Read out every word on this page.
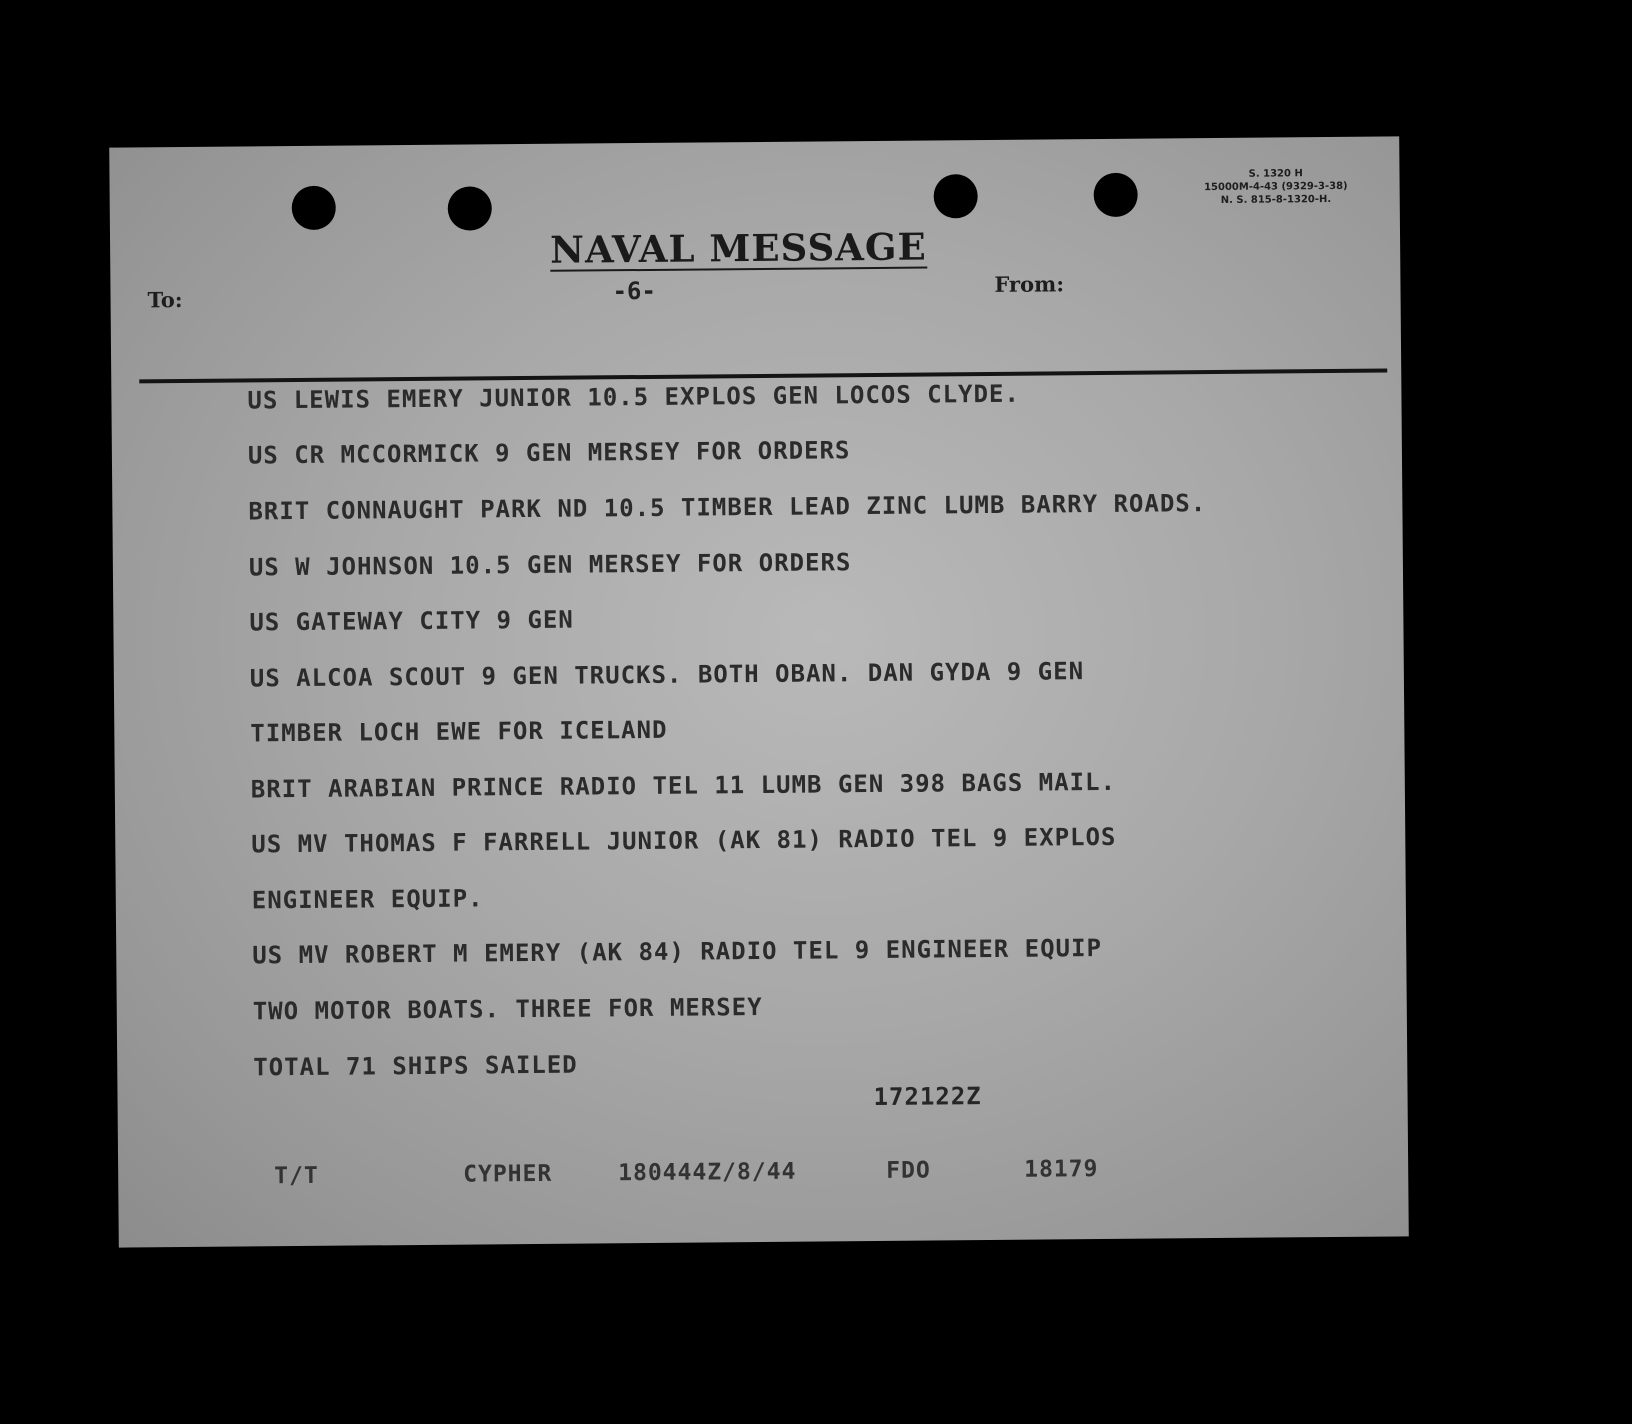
S. 1320 H
15000M-4-43 (9329-3-38)
N. S. 815-8-1320-H.
NAVAL MESSAGE
-6-
To:
From:
US LEWIS EMERY JUNIOR 10.5 EXPLOS GEN LOCOS CLYDE.
US CR MCCORMICK 9 GEN MERSEY FOR ORDERS
BRIT CONNAUGHT PARK ND 10.5 TIMBER LEAD ZINC LUMB BARRY ROADS.
US W JOHNSON 10.5 GEN MERSEY FOR ORDERS
US GATEWAY CITY 9 GEN
US ALCOA SCOUT 9 GEN TRUCKS. BOTH OBAN. DAN GYDA 9 GEN
TIMBER LOCH EWE FOR ICELAND
BRIT ARABIAN PRINCE RADIO TEL 11 LUMB GEN 398 BAGS MAIL.
US MV THOMAS F FARRELL JUNIOR (AK 81) RADIO TEL 9 EXPLOS
ENGINEER EQUIP.
US MV ROBERT M EMERY (AK 84) RADIO TEL 9 ENGINEER EQUIP
TWO MOTOR BOATS. THREE FOR MERSEY
TOTAL 71 SHIPS SAILED
172122Z
T/T	CYPHER	180444Z/8/44	FDO	18179
